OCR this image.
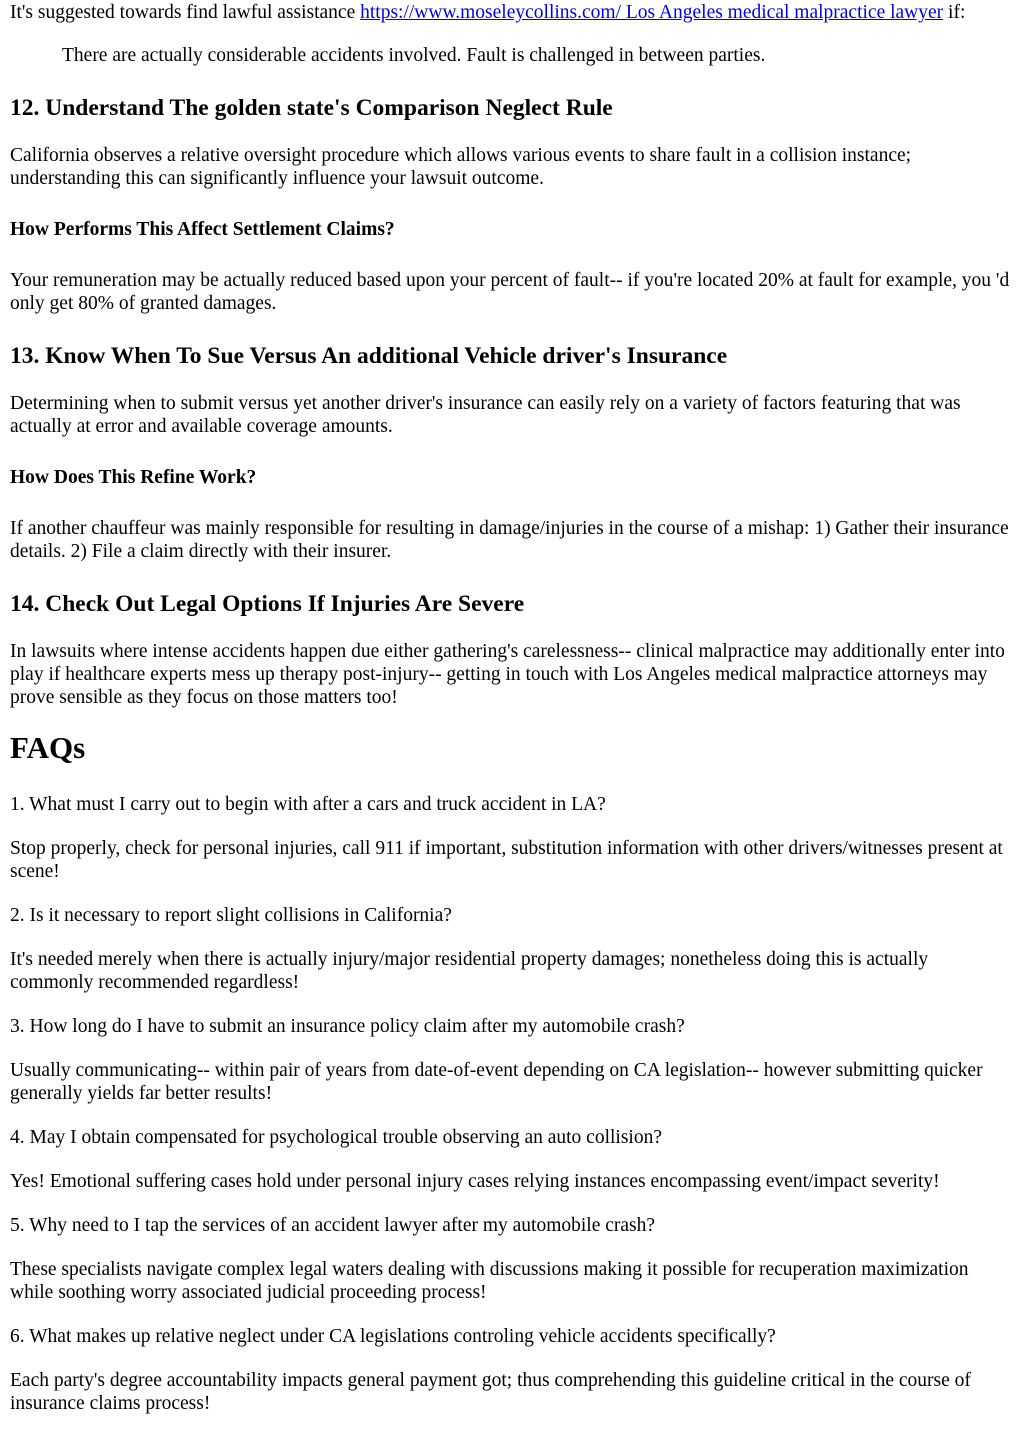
It's suggested towards find lawful assistance https://www.moseleycollins.com/ Los Angeles medical malpractice lawyer if:

There are actually considerable accidents involved. Fault is challenged in between parties.

12. Understand The golden state's Comparison Neglect Rule

California observes a relative oversight procedure which allows various events to share fault in a collision instance; understanding this can significantly influence your lawsuit outcome.

How Performs This Affect Settlement Claims?

Your remuneration may be actually reduced based upon your percent of fault-- if you're located 20% at fault for example, you 'd only get 80% of granted damages.

13. Know When To Sue Versus An additional Vehicle driver's Insurance

Determining when to submit versus yet another driver's insurance can easily rely on a variety of factors featuring that was actually at error and available coverage amounts.

How Does This Refine Work?

If another chauffeur was mainly responsible for resulting in damage/injuries in the course of a mishap: 1) Gather their insurance details. 2) File a claim directly with their insurer.

14. Check Out Legal Options If Injuries Are Severe

In lawsuits where intense accidents happen due either gathering's carelessness-- clinical malpractice may additionally enter into play if healthcare experts mess up therapy post-injury-- getting in touch with Los Angeles medical malpractice attorneys may prove sensible as they focus on those matters too!

FAQs

1. What must I carry out to begin with after a cars and truck accident in LA?

Stop properly, check for personal injuries, call 911 if important, substitution information with other drivers/witnesses present at scene!

2. Is it necessary to report slight collisions in California?

It's needed merely when there is actually injury/major residential property damages; nonetheless doing this is actually commonly recommended regardless!

3. How long do I have to submit an insurance policy claim after my automobile crash?

Usually communicating-- within pair of years from date-of-event depending on CA legislation-- however submitting quicker generally yields far better results!

4. May I obtain compensated for psychological trouble observing an auto collision?

Yes! Emotional suffering cases hold under personal injury cases relying instances encompassing event/impact severity!

5. Why need to I tap the services of an accident lawyer after my automobile crash?

These specialists navigate complex legal waters dealing with discussions making it possible for recuperation maximization while soothing worry associated judicial proceeding process!

6. What makes up relative neglect under CA legislations controling vehicle accidents specifically?

Each party's degree accountability impacts general payment got; thus comprehending this guideline critical in the course of insurance claims process!
